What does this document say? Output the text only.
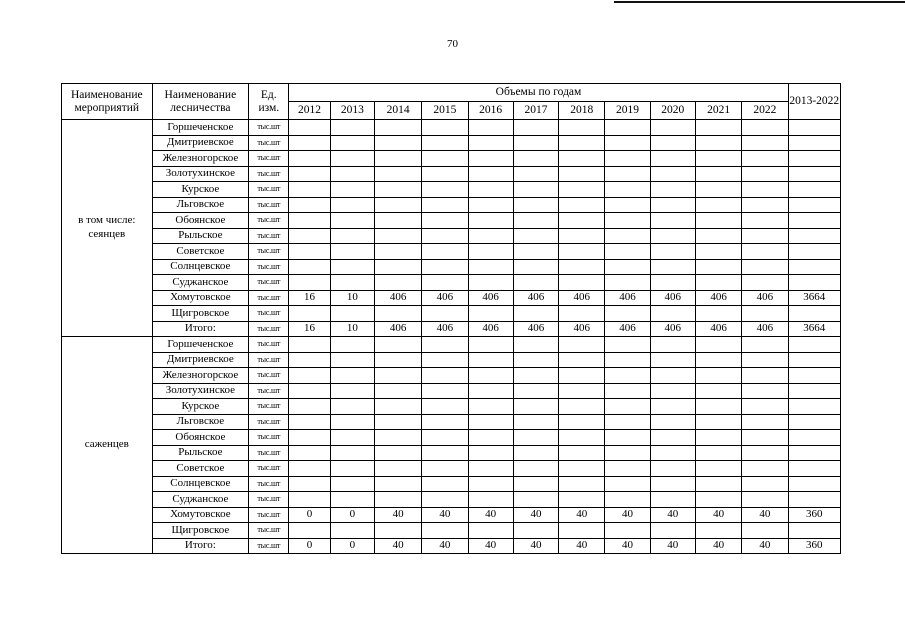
70
Наименование мероприятий	Наименование лесничества	Ед. изм.	Объемы по годам											2013-2022
			2012	2013	2014	2015	2016	2017	2018	2019	2020	2021	2022	
в том числе: сеянцев	Горшеченское	тыс.шт												
	Дмитриевское	тыс.шт												
	Железногорское	тыс.шт												
	Золотухинское	тыс.шт												
	Курское	тыс.шт												
	Льговское	тыс.шт												
	Обоянское	тыс.шт												
	Рыльское	тыс.шт												
	Советское	тыс.шт												
	Солнцевское	тыс.шт												
	Суджанское	тыс.шт												
	Хомутовское	тыс.шт	16	10	406	406	406	406	406	406	406	406	406	3664
	Щигровское	тыс.шт												
	Итого:	тыс.шт	16	10	406	406	406	406	406	406	406	406	406	3664
саженцев	Горшеченское	тыс.шт												
	Дмитриевское	тыс.шт												
	Железногорское	тыс.шт												
	Золотухинское	тыс.шт												
	Курское	тыс.шт												
	Льговское	тыс.шт												
	Обоянское	тыс.шт												
	Рыльское	тыс.шт												
	Советское	тыс.шт												
	Солнцевское	тыс.шт												
	Суджанское	тыс.шт												
	Хомутовское	тыс.шт	0	0	40	40	40	40	40	40	40	40	40	360
	Щигровское	тыс.шт												
	Итого:	тыс.шт	0	0	40	40	40	40	40	40	40	40	40	360
